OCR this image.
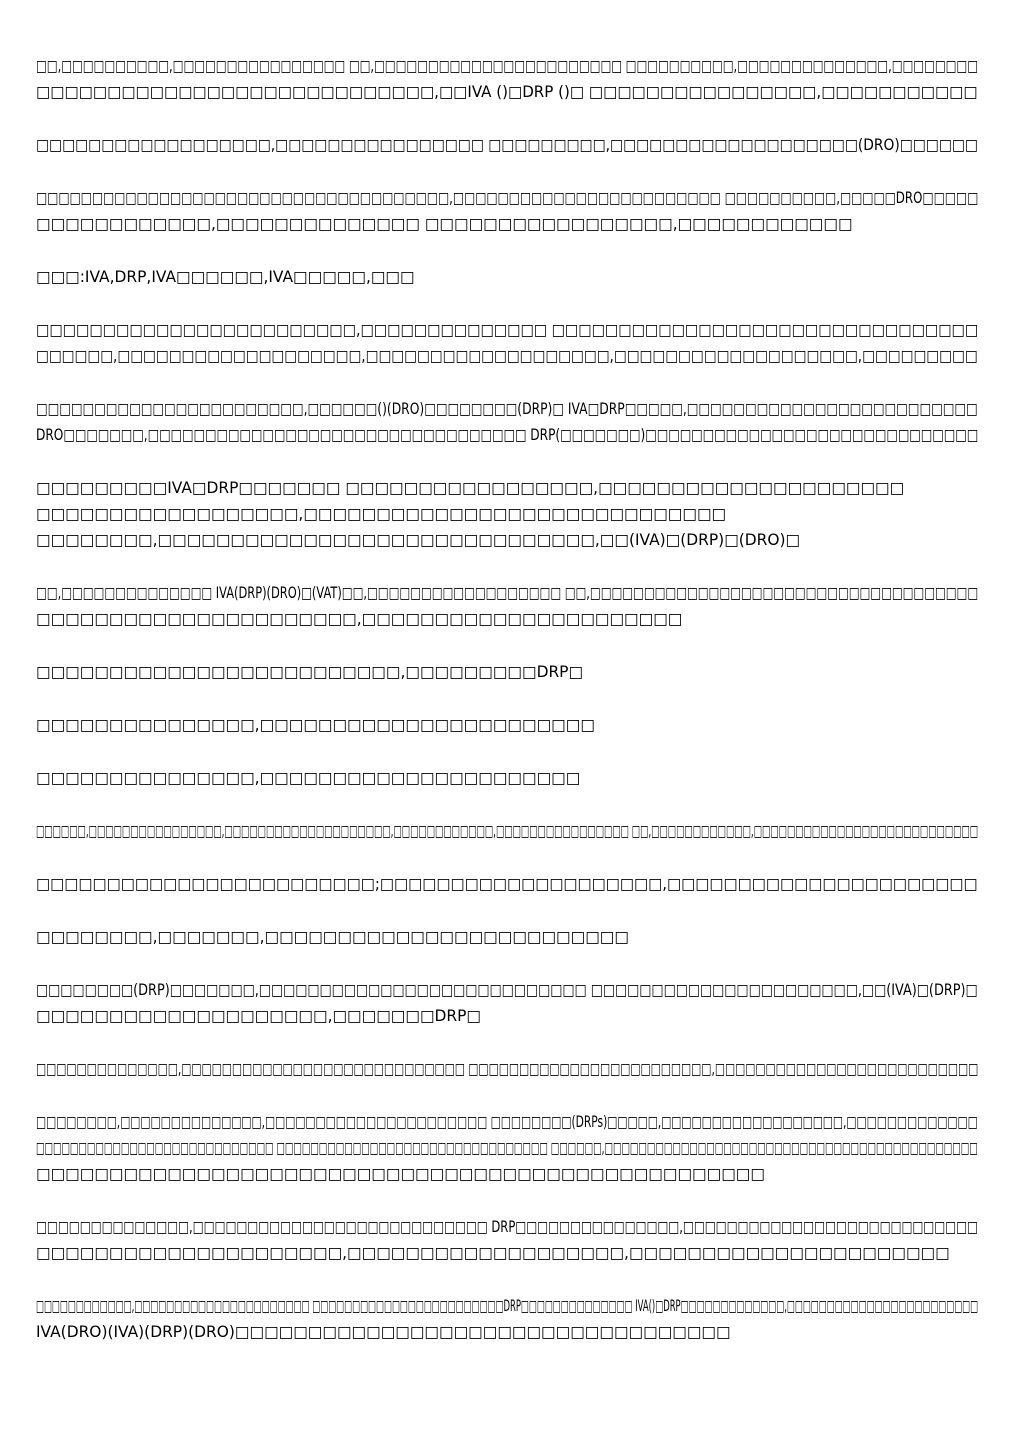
□□,□□□□□□□□□□,□□□□□□□□□□□□□□□□ □□,□□□□□□□□□□□□□□□□□□□□□□□ □□□□□□□□□□,□□□□□□□□□□□□□□,□□□□□□□□
□□□□□□□□□□□□□□□□□□□□□□□□□□□□,□□IVA ()□DRP ()□ □□□□□□□□□□□□□□□□,□□□□□□□□□□□
□□□□□□□□□□□□□□□□□□,□□□□□□□□□□□□□□□□ □□□□□□□□□,□□□□□□□□□□□□□□□□□□□(DRO)□□□□□□
□□□□□□□□□□□□□□□□□□□□□□□□□□□□□□□□□□□□□,□□□□□□□□□□□□□□□□□□□□□□□□ □□□□□□□□□□,□□□□□DRO□□□□□
□□□□□□□□□□□□,□□□□□□□□□□□□□□ □□□□□□□□□□□□□□□□□,□□□□□□□□□□□□
□□□:IVA,DRP,IVA□□□□□□,IVA□□□□□,□□□
□□□□□□□□□□□□□□□□□□□□□□□□,□□□□□□□□□□□□□□ □□□□□□□□□□□□□□□□□□□□□□□□□□□□□□□□
□□□□□□,□□□□□□□□□□□□□□□□□□□,□□□□□□□□□□□□□□□□□□□,□□□□□□□□□□□□□□□□□□□,□□□□□□□□□
□□□□□□□□□□□□□□□□□□□□□□□,□□□□□□()(DRO)□□□□□□□□(DRP)□ IVA□DRP□□□□□,□□□□□□□□□□□□□□□□□□□□□□□□□
DRO□□□□□□□,□□□□□□□□□□□□□□□□□□□□□□□□□□□□□□□□□ DRP(□□□□□□□)□□□□□□□□□□□□□□□□□□□□□□□□□□□□□
□□□□□□□□□IVA□DRP□□□□□□□ □□□□□□□□□□□□□□□□□,□□□□□□□□□□□□□□□□□□□□□
□□□□□□□□□□□□□□□□□□,□□□□□□□□□□□□□□□□□□□□□□□□□□□□□
□□□□□□□□,□□□□□□□□□□□□□□□□□□□□□□□□□□□□□□,□□(IVA)□(DRP)□(DRO)□
□□,□□□□□□□□□□□□□□ IVA(DRP)(DRO)□(VAT)□□,□□□□□□□□□□□□□□□□□□ □□,□□□□□□□□□□□□□□□□□□□□□□□□□□□□□□□□□□□□
□□□□□□□□□□□□□□□□□□□□□□,□□□□□□□□□□□□□□□□□□□□□□
□□□□□□□□□□□□□□□□□□□□□□□□□,□□□□□□□□□DRP□
□□□□□□□□□□□□□□□,□□□□□□□□□□□□□□□□□□□□□□□
□□□□□□□□□□□□□□□,□□□□□□□□□□□□□□□□□□□□□□
□□□□□□,□□□□□□□□□□□□□□□□,□□□□□□□□□□□□□□□□□□□□,□□□□□□□□□□□□,□□□□□□□□□□□□□□□□ □□,□□□□□□□□□□□□,□□□□□□□□□□□□□□□□□□□□□□□□□□□
□□□□□□□□□□□□□□□□□□□□□□□□;□□□□□□□□□□□□□□□□□□□□,□□□□□□□□□□□□□□□□□□□□□□
□□□□□□□□,□□□□□□□,□□□□□□□□□□□□□□□□□□□□□□□□□
□□□□□□□□(DRP)□□□□□□□,□□□□□□□□□□□□□□□□□□□□□□□□□□□ □□□□□□□□□□□□□□□□□□□□□□,□□(IVA)□(DRP)□
□□□□□□□□□□□□□□□□□□□□,□□□□□□□DRP□
□□□□□□□□□□□□□□,□□□□□□□□□□□□□□□□□□□□□□□□□□□□ □□□□□□□□□□□□□□□□□□□□□□□□,□□□□□□□□□□□□□□□□□□□□□□□□□□
□□□□□□□□,□□□□□□□□□□□□□□,□□□□□□□□□□□□□□□□□□□□□□ □□□□□□□□(DRPs)□□□□□,□□□□□□□□□□□□□□□□□□,□□□□□□□□□□□□□
□□□□□□□□□□□□□□□□□□□□□□□□□□□□ □□□□□□□□□□□□□□□□□□□□□□□□□□□□□□□□ □□□□□□,□□□□□□□□□□□□□□□□□□□□□□□□□□□□□□□□□□□□□□□□□□□□
□□□□□□□□□□□□□□□□□□□□□□□□□□□□□□□□□□□□□□□□□□□□□□□□□□
□□□□□□□□□□□□□□,□□□□□□□□□□□□□□□□□□□□□□□□□□□ DRP□□□□□□□□□□□□□□□,□□□□□□□□□□□□□□□□□□□□□□□□□□□
□□□□□□□□□□□□□□□□□□□□□,□□□□□□□□□□□□□□□□□□□,□□□□□□□□□□□□□□□□□□□□□□
□□□□□□□□□□□□,□□□□□□□□□□□□□□□□□□□□□□ □□□□□□□□□□□□□□□□□□□□□□□□DRP□□□□□□□□□□□□□□ IVA()□DRP□□□□□□□□□□□□□,□□□□□□□□□□□□□□□□□□□□□□□□
IVA(DRO)(IVA)(DRP)(DRO)□□□□□□□□□□□□□□□□□□□□□□□□□□□□□□□□□□
